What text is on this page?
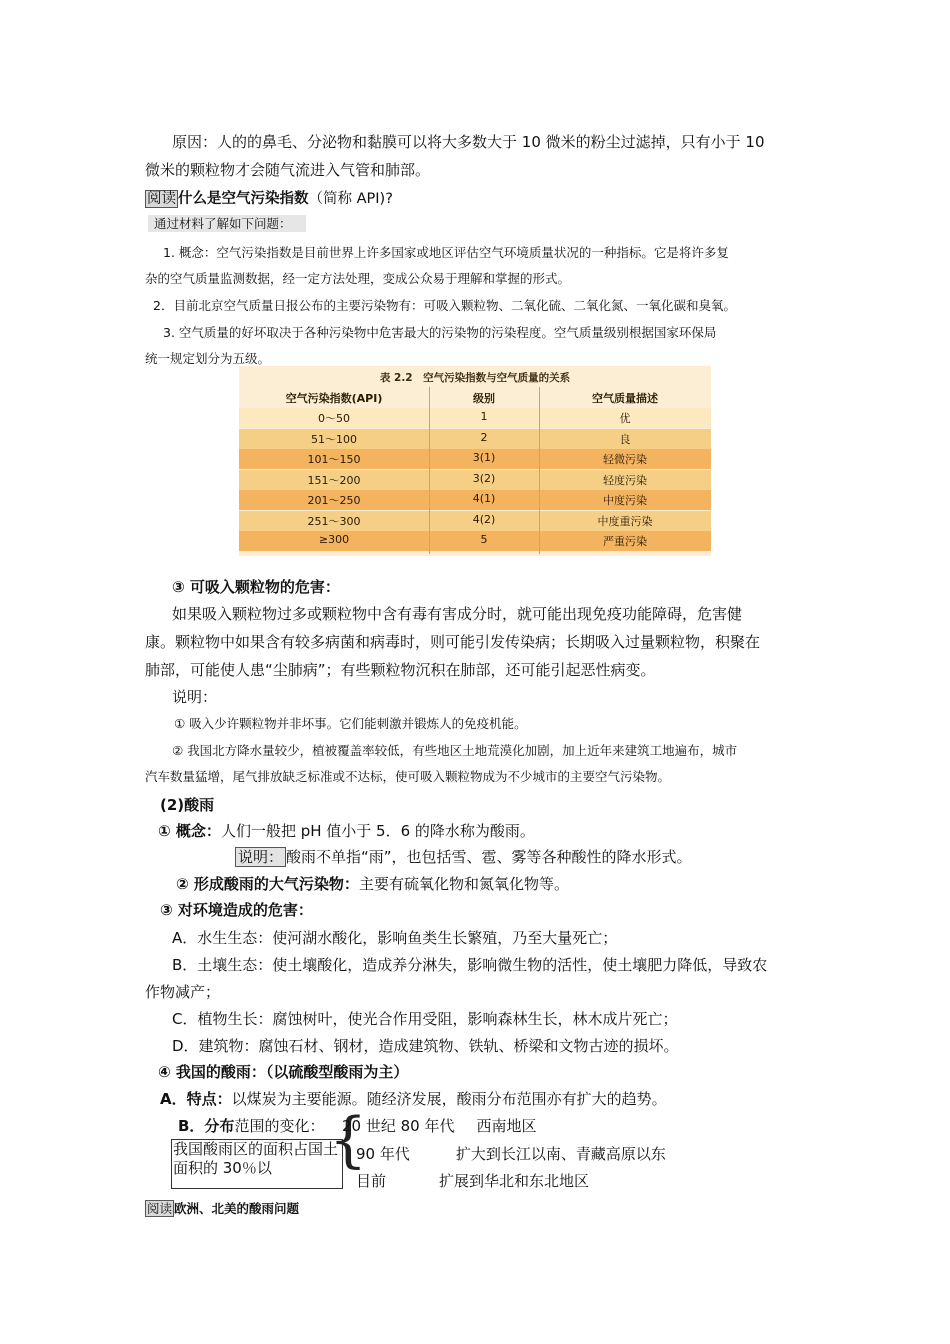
原因：人的的鼻毛、分泌物和黏膜可以将大多数大于 10 微米的粉尘过滤掉，只有小于 10
微米的颗粒物才会随气流进入气管和肺部。
阅读 什么是空气污染指数（简称 API)?
通过材料了解如下问题：
1. 概念：空气污染指数是目前世界上许多国家或地区评估空气环境质量状况的一种指标。它是将许多复
杂的空气质量监测数据，经一定方法处理，变成公众易于理解和掌握的形式。
2．目前北京空气质量日报公布的主要污染物有：可吸入颗粒物、二氧化硫、二氧化氮、一氧化碳和臭氧。
3. 空气质量的好坏取决于各种污染物中危害最大的污染物的污染程度。空气质量级别根据国家环保局
统一规定划分为五级。
表 2.2　空气污染指数与空气质量的关系
空气污染指数(API)	级别	空气质量描述
0～50	1	优
51～100	2	良
101～150	3(1)	轻微污染
151～200	3(2)	轻度污染
201～250	4(1)	中度污染
251～300	4(2)	中度重污染
≥300	5	严重污染
③ 可吸入颗粒物的危害：
如果吸入颗粒物过多或颗粒物中含有毒有害成分时，就可能出现免疫功能障碍，危害健
康。颗粒物中如果含有较多病菌和病毒时，则可能引发传染病；长期吸入过量颗粒物，积聚在
肺部，可能使人患“尘肺病”；有些颗粒物沉积在肺部，还可能引起恶性病变。
说明：
① 吸入少许颗粒物并非坏事。它们能刺激并锻炼人的免疫机能。
② 我国北方降水量较少，植被覆盖率较低，有些地区土地荒漠化加剧，加上近年来建筑工地遍布，城市
汽车数量猛增，尾气排放缺乏标准或不达标，使可吸入颗粒物成为不少城市的主要空气污染物。
(2)酸雨
① 概念：人们一般把 pH 值小于 5．6 的降水称为酸雨。
说明： 酸雨不单指“雨”，也包括雪、雹、雾等各种酸性的降水形式。
② 形成酸雨的大气污染物：主要有硫氧化物和氮氧化物等。
③ 对环境造成的危害：
A．水生生态：使河湖水酸化，影响鱼类生长繁殖，乃至大量死亡；
B．土壤生态：使土壤酸化，造成养分淋失，影响微生物的活性，使土壤肥力降低，导致农
作物减产；
C．植物生长：腐蚀树叶，使光合作用受阻，影响森林生长，林木成片死亡；
D．建筑物：腐蚀石材、钢材，造成建筑物、铁轨、桥梁和文物古迹的损坏。
④ 我国的酸雨：（以硫酸型酸雨为主）
A．特点：以煤炭为主要能源。随经济发展，酸雨分布范围亦有扩大的趋势。
B．分布范围的变化：
我国酸雨区的面积占国土面积的 30％以 {
20 世纪 80 年代 西南地区
90 年代	扩大到长江以南、青藏高原以东
目前	扩展到华北和东北地区
阅读 欧洲、北美的酸雨问题
